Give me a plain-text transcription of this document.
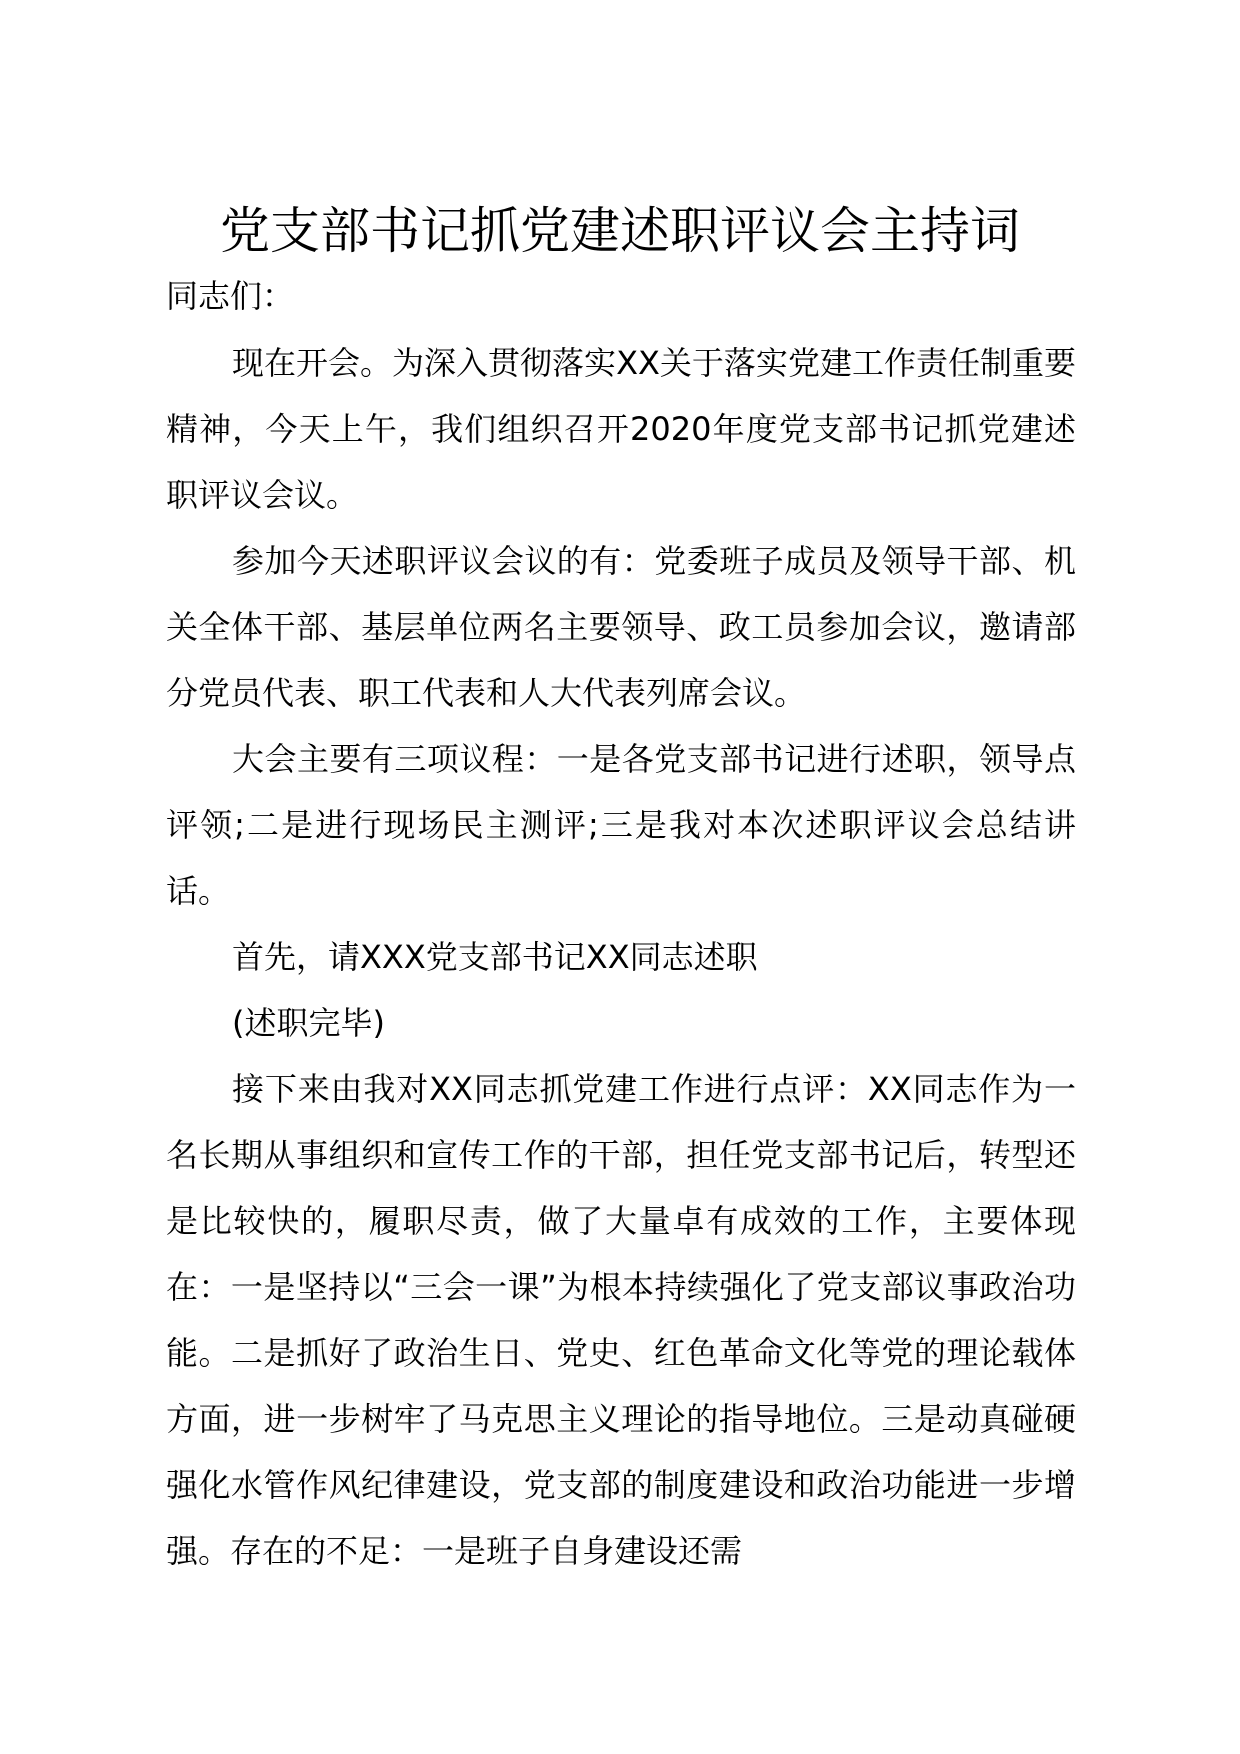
党支部书记抓党建述职评议会主持词
同志们：

现在开会。为深入贯彻落实XX关于落实党建工作责任制重要精神，今天上午，我们组织召开2020年度党支部书记抓党建述职评议会议。

参加今天述职评议会议的有：党委班子成员及领导干部、机关全体干部、基层单位两名主要领导、政工员参加会议，邀请部分党员代表、职工代表和人大代表列席会议。

大会主要有三项议程：一是各党支部书记进行述职，领导点评领;二是进行现场民主测评;三是我对本次述职评议会总结讲话。

首先，请XXX党支部书记XX同志述职

(述职完毕)

接下来由我对XX同志抓党建工作进行点评：XX同志作为一名长期从事组织和宣传工作的干部，担任党支部书记后，转型还是比较快的，履职尽责，做了大量卓有成效的工作，主要体现在：一是坚持以“三会一课”为根本持续强化了党支部议事政治功能。二是抓好了政治生日、党史、红色革命文化等党的理论载体方面，进一步树牢了马克思主义理论的指导地位。三是动真碰硬强化水管作风纪律建设，党支部的制度建设和政治功能进一步增强。存在的不足：一是班子自身建设还需
